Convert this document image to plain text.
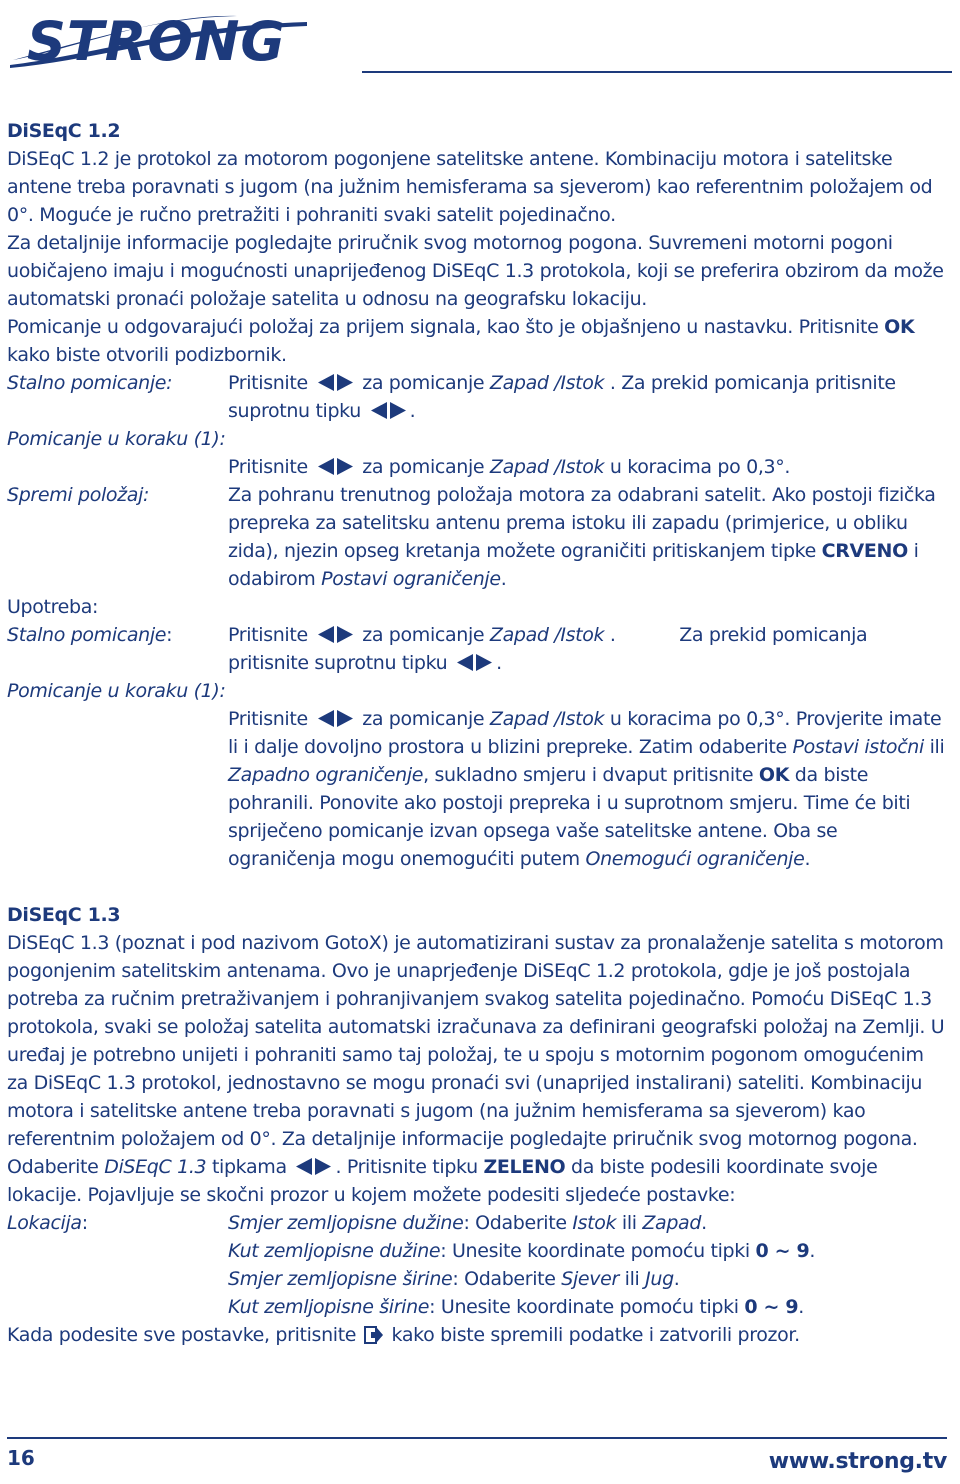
STRONG

DiSEqC 1.2

DiSEqC 1.2 je protokol za motorom pogonjene satelitske antene. Kombinaciju motora i satelitske antene treba poravnati s jugom (na južnim hemisferama sa sjeverom) kao referentnim položajem od 0°. Moguće je ručno pretražiti i pohraniti svaki satelit pojedinačno.

Za detaljnije informacije pogledajte priručnik svog motornog pogona. Suvremeni motorni pogoni uobičajeno imaju i mogućnosti unaprijeđenog DiSEqC 1.3 protokola, koji se preferira obzirom da može automatski pronaći položaje satelita u odnosu na geografsku lokaciju.

Pomicanje u odgovarajući položaj za prijem signala, kao što je objašnjeno u nastavku. Pritisnite OK kako biste otvorili podizbornik.

Stalno pomicanje:	Pritisnite
za pomicanje Zapad /Istok . Za prekid pomicanja pritisnite suprotnu tipku
.

Pomicanje u koraku (1):

Pritisnite
za pomicanje Zapad /Istok u koracima po 0,3°.
Spremi položaj:	Za pohranu trenutnog položaja motora za odabrani satelit. Ako postoji fizička prepreka za satelitsku antenu prema istoku ili zapadu (primjerice, u obliku zida), njezin opseg kretanja možete ograničiti pritiskanjem tipke CRVENO i odabirom Postavi ograničenje.

Upotreba:

Stalno pomicanje:	Pritisnite
za pomicanje Zapad /Istok .	Za prekid pomicanja pritisnite suprotnu tipku
.

Pomicanje u koraku (1):

Pritisnite
za pomicanje Zapad /Istok u koracima po 0,3°. Provjerite imate li i dalje dovoljno prostora u blizini prepreke. Zatim odaberite Postavi istočni ili Zapadno ograničenje, sukladno smjeru i dvaput pritisnite OK da biste pohranili. Ponovite ako postoji prepreka i u suprotnom smjeru. Time će biti spriječeno pomicanje izvan opsega vaše satelitske antene. Oba se ograničenja mogu onemogućiti putem Onemogući ograničenje.

DiSEqC 1.3

DiSEqC 1.3 (poznat i pod nazivom GotoX) je automatizirani sustav za pronalaženje satelita s motorom pogonjenim satelitskim antenama. Ovo je unaprjeđenje DiSEqC 1.2 protokola, gdje je još postojala potreba za ručnim pretraživanjem i pohranjivanjem svakog satelita pojedinačno. Pomoću DiSEqC 1.3 protokola, svaki se položaj satelita automatski izračunava za definirani geografski položaj na Zemlji. U uređaj je potrebno unijeti i pohraniti samo taj položaj, te u spoju s motornim pogonom omogućenim za DiSEqC 1.3 protokol, jednostavno se mogu pronaći svi (unaprijed instalirani) sateliti. Kombinaciju motora i satelitske antene treba poravnati s jugom (na južnim hemisferama sa sjeverom) kao referentnim položajem od 0°. Za detaljnije informacije pogledajte priručnik svog motornog pogona. Odaberite DiSEqC 1.3 tipkama
. Pritisnite tipku ZELENO da biste podesili koordinate svoje lokacije. Pojavljuje se skočni prozor u kojem možete podesiti sljedeće postavke:

Lokacija:	Smjer zemljopisne dužine: Odaberite Istok ili Zapad.
Kut zemljopisne dužine: Unesite koordinate pomoću tipki 0 ~ 9.
Smjer zemljopisne širine: Odaberite Sjever ili Jug.
Kut zemljopisne širine: Unesite koordinate pomoću tipki 0 ~ 9.

Kada podesite sve postavke, pritisnite  kako biste spremili podatke i zatvorili prozor.

16	www.strong.tv
